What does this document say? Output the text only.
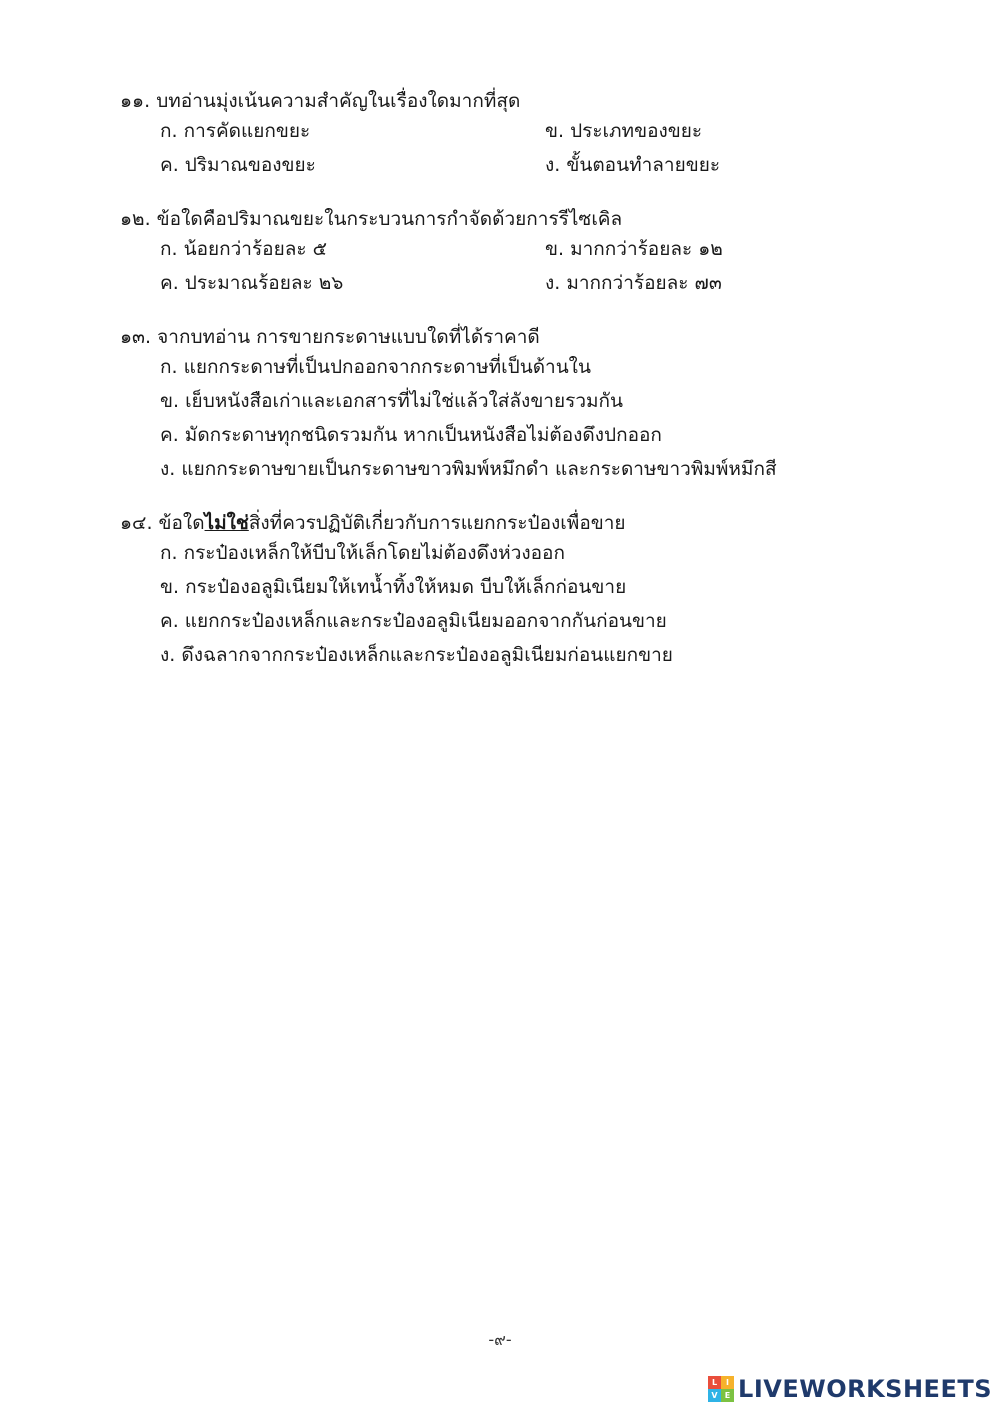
๑๑. บทอ่านมุ่งเน้นความสำคัญในเรื่องใดมากที่สุด
ก. การคัดแยกขยะ	ข. ประเภทของขยะ
ค. ปริมาณของขยะ	ง. ขั้นตอนทำลายขยะ
๑๒. ข้อใดคือปริมาณขยะในกระบวนการกำจัดด้วยการรีไซเคิล
ก. น้อยกว่าร้อยละ ๕	ข. มากกว่าร้อยละ ๑๒
ค. ประมาณร้อยละ ๒๖	ง. มากกว่าร้อยละ ๗๓
๑๓. จากบทอ่าน การขายกระดาษแบบใดที่ได้ราคาดี
ก. แยกกระดาษที่เป็นปกออกจากกระดาษที่เป็นด้านใน
ข. เย็บหนังสือเก่าและเอกสารที่ไม่ใช่แล้วใส่ลังขายรวมกัน
ค. มัดกระดาษทุกชนิดรวมกัน หากเป็นหนังสือไม่ต้องดึงปกออก
ง. แยกกระดาษขายเป็นกระดาษขาวพิมพ์หมึกดำ และกระดาษขาวพิมพ์หมึกสี
๑๔. ข้อใดไม่ใช่สิ่งที่ควรปฏิบัติเกี่ยวกับการแยกกระป๋องเพื่อขาย
ก. กระป๋องเหล็กให้บีบให้เล็กโดยไม่ต้องดึงห่วงออก
ข. กระป๋องอลูมิเนียมให้เทน้ำทิ้งให้หมด บีบให้เล็กก่อนขาย
ค. แยกกระป๋องเหล็กและกระป๋องอลูมิเนียมออกจากกันก่อนขาย
ง. ดึงฉลากจากกระป๋องเหล็กและกระป๋องอลูมิเนียมก่อนแยกขาย
-๙-
L	I
V E LIVEWORKSHEETS
